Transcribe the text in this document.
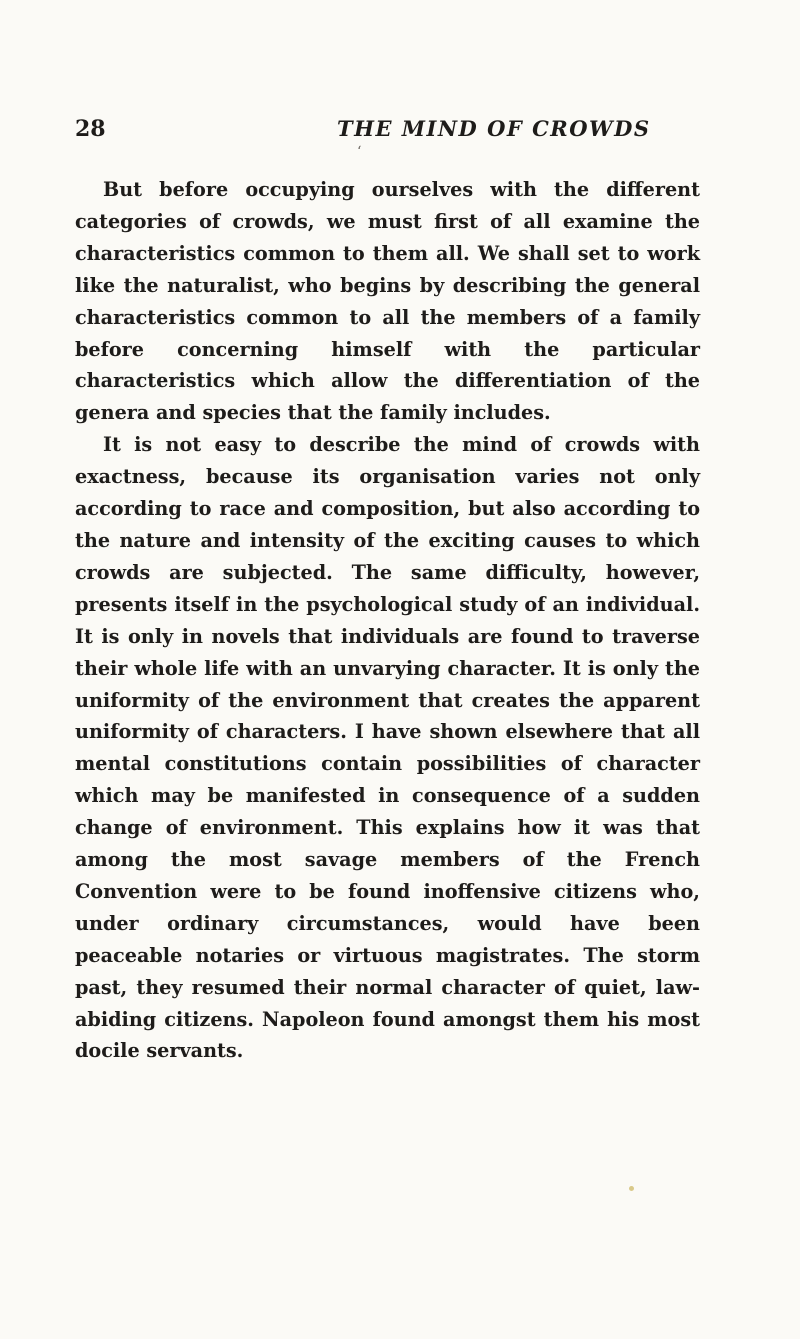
28	THE MIND OF CROWDS
‘

But before occupying ourselves with the different categories of crowds, we must first of all examine the characteristics common to them all. We shall set to work like the naturalist, who begins by describing the general characteristics common to all the members of a family before concerning himself with the particular characteristics which allow the differentiation of the genera and species that the family includes.

It is not easy to describe the mind of crowds with exactness, because its organisation varies not only according to race and composition, but also according to the nature and intensity of the exciting causes to which crowds are subjected. The same difficulty, however, presents itself in the psychological study of an individual. It is only in novels that individuals are found to traverse their whole life with an unvarying character. It is only the uniformity of the environment that creates the apparent uniformity of characters. I have shown elsewhere that all mental constitutions contain possibilities of character which may be manifested in consequence of a sudden change of environment. This explains how it was that among the most savage members of the French Convention were to be found inoffensive citizens who, under ordinary circumstances, would have been peaceable notaries or virtuous magistrates. The storm past, they resumed their normal character of quiet, law-abiding citizens. Napoleon found amongst them his most docile servants.
